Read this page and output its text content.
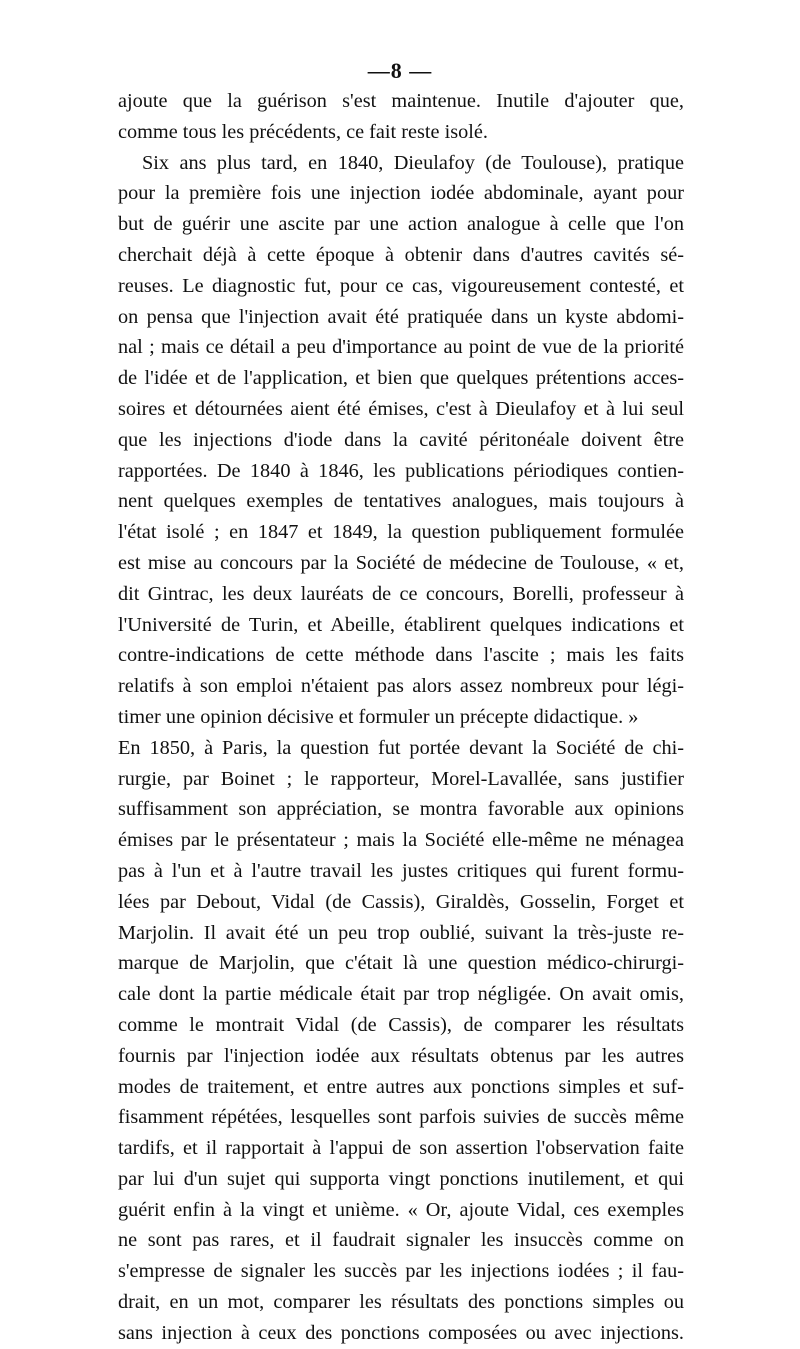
—8 —
ajoute que la guérison s'est maintenue. Inutile d'ajouter que,
comme tous les précédents, ce fait reste isolé.
Six ans plus tard, en 1840, Dieulafoy (de Toulouse), pratique
pour la première fois une injection iodée abdominale, ayant pour
but de guérir une ascite par une action analogue à celle que l'on
cherchait déjà à cette époque à obtenir dans d'autres cavités sé-
reuses. Le diagnostic fut, pour ce cas, vigoureusement contesté, et
on pensa que l'injection avait été pratiquée dans un kyste abdomi-
nal ; mais ce détail a peu d'importance au point de vue de la priorité
de l'idée et de l'application, et bien que quelques prétentions acces-
soires et détournées aient été émises, c'est à Dieulafoy et à lui seul
que les injections d'iode dans la cavité péritonéale doivent être
rapportées. De 1840 à 1846, les publications périodiques contien-
nent quelques exemples de tentatives analogues, mais toujours à
l'état isolé ; en 1847 et 1849, la question publiquement formulée
est mise au concours par la Société de médecine de Toulouse, « et,
dit Gintrac, les deux lauréats de ce concours, Borelli, professeur à
l'Université de Turin, et Abeille, établirent quelques indications et
contre-indications de cette méthode dans l'ascite ; mais les faits
relatifs à son emploi n'étaient pas alors assez nombreux pour légi-
timer une opinion décisive et formuler un précepte didactique. »
En 1850, à Paris, la question fut portée devant la Société de chi-
rurgie, par Boinet ; le rapporteur, Morel-Lavallée, sans justifier
suffisamment son appréciation, se montra favorable aux opinions
émises par le présentateur ; mais la Société elle-même ne ménagea
pas à l'un et à l'autre travail les justes critiques qui furent formu-
lées par Debout, Vidal (de Cassis), Giraldès, Gosselin, Forget et
Marjolin. Il avait été un peu trop oublié, suivant la très-juste re-
marque de Marjolin, que c'était là une question médico-chirurgi-
cale dont la partie médicale était par trop négligée. On avait omis,
comme le montrait Vidal (de Cassis), de comparer les résultats
fournis par l'injection iodée aux résultats obtenus par les autres
modes de traitement, et entre autres aux ponctions simples et suf-
fisamment répétées, lesquelles sont parfois suivies de succès même
tardifs, et il rapportait à l'appui de son assertion l'observation faite
par lui d'un sujet qui supporta vingt ponctions inutilement, et qui
guérit enfin à la vingt et unième. « Or, ajoute Vidal, ces exemples
ne sont pas rares, et il faudrait signaler les insuccès comme on
s'empresse de signaler les succès par les injections iodées ; il fau-
drait, en un mot, comparer les résultats des ponctions simples ou
sans injection à ceux des ponctions composées ou avec injections.
